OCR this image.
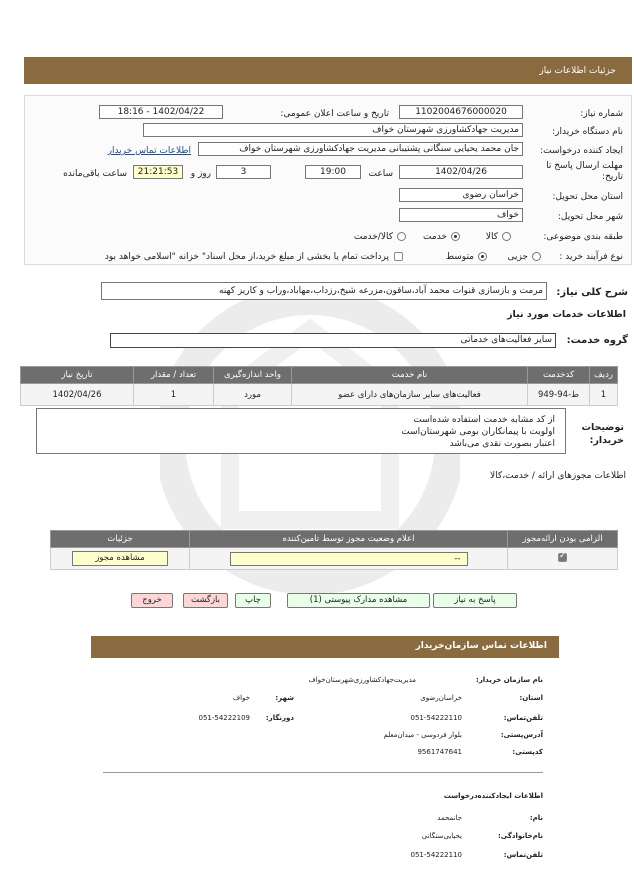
جزئیات اطلاعات نیاز
شماره نیاز:
1102004676000020
تاریخ و ساعت اعلان عمومی:
1402/04/22 - 18:16
نام دستگاه خریدار:
مدیریت جهادکشاورزی شهرستان خواف
ایجاد کننده درخواست:
جان محمد یحیایی سنگانی پشتیبانی مدیریت جهادکشاورزی شهرستان خواف
اطلاعات تماس خریدار
مهلت ارسال پاسخ تا تاریخ:
1402/04/26
ساعت
19:00
3
روز و
21:21:53
ساعت باقی‌مانده
استان محل تحویل:
خراسان رضوی
شهر محل تحویل:
خواف
طبقه بندی موضوعی:
کالا
خدمت
کالا/خدمت
نوع فرآیند خرید :
جزیی
متوسط
پرداخت تمام یا بخشی از مبلغ خرید،از محل اسناد" خزانه "اسلامی خواهد بود
شرح کلی نیاز:
مرمت و بازسازی قنوات محمد آباد،ساقون،مزرعه شیخ،رزداب،مهاباد،وراب و کاریز کهنه
اطلاعات خدمات مورد نیاز
گروه خدمت:
سایر فعالیت‌های خدماتی
ردیف	کدخدمت	نام خدمت	واحد اندازه‌گیری	تعداد / مقدار	تاریخ نیاز
1	ط-94-949	فعالیت‌های سایر سازمان‌های دارای عضو	مورد	1	1402/04/26
توضیحات خریدار:
از کد مشابه خدمت استفاده شده‌است
اولویت با پیمانکاران بومی شهرستان‌است
اعتبار بصورت نقدی می‌باشد
اطلاعات مجوزهای ارائه / خدمت،کالا
الزامی بودن ارائه‌مجوز	اعلام وضعیت مجوز توسط تامین‌کننده	جزئیات
✓	
--	مشاهده مجوز
پاسخ به نیاز
مشاهده مدارک پیوستی (1)
چاپ
بازگشت
خروج
اطلاعات تماس سازمان‌خریدار
نام سازمان‌ خریدار:
مدیریت‌جهادکشاورزی‌شهرستان‌خواف
استان:
خراسان‌رضوی
شهر:
خواف
تلفن‌تماس:
051-54222110
دورنگار:
051-54222109
آدرس‌پستی:
بلوار فردوسی - میدان‌معلم
کد‌پستی:
9561747641
اطلاعات ایجادکننده‌درخواست
نام:
جانمحمد
نام‌خانوادگی:
یحیایی‌سنگانی
تلفن‌تماس:
051-54222110
